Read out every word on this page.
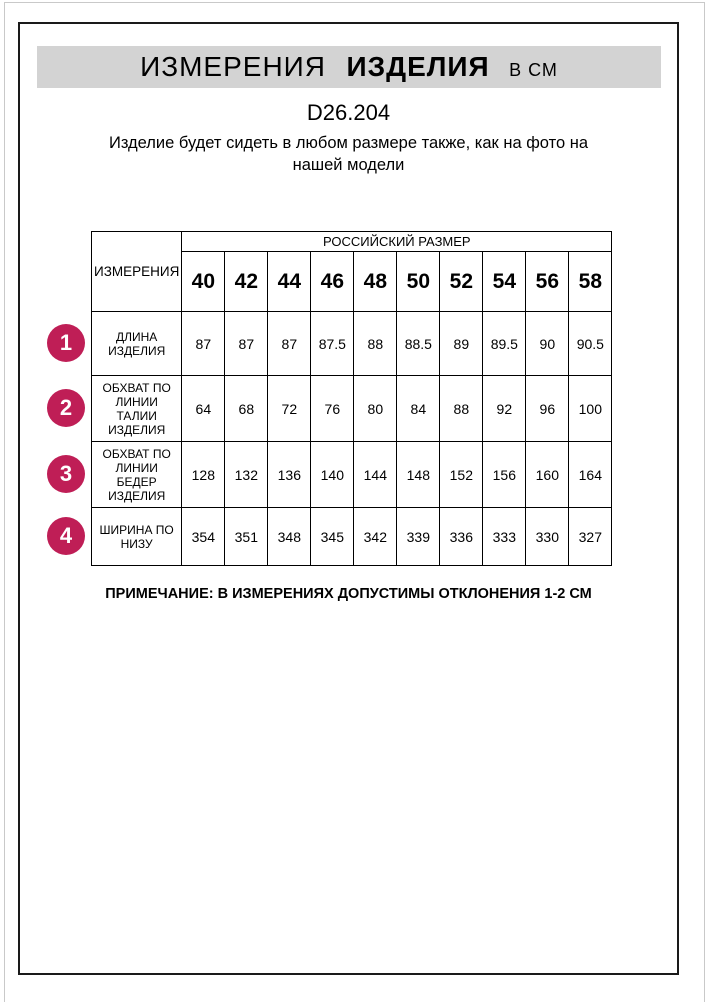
ИЗМЕРЕНИЯ ИЗДЕЛИЯ В СМ
D26.204
Изделие будет сидеть в любом размере также, как на фото на нашей модели
ИЗМЕРЕНИЯ	РОССИЙСКИЙ РАЗМЕР									
	40	42	44	46	48	50	52	54	56	58
ДЛИНА ИЗДЕЛИЯ	87	87	87	87.5	88	88.5	89	89.5	90	90.5
ОБХВАТ ПО ЛИНИИ ТАЛИИ ИЗДЕЛИЯ	64	68	72	76	80	84	88	92	96	100
ОБХВАТ ПО ЛИНИИ БЕДЕР ИЗДЕЛИЯ	128	132	136	140	144	148	152	156	160	164
ШИРИНА ПО НИЗУ	354	351	348	345	342	339	336	333	330	327
1
2
3
4
ПРИМЕЧАНИЕ: В ИЗМЕРЕНИЯХ ДОПУСТИМЫ ОТКЛОНЕНИЯ 1-2 СМ
